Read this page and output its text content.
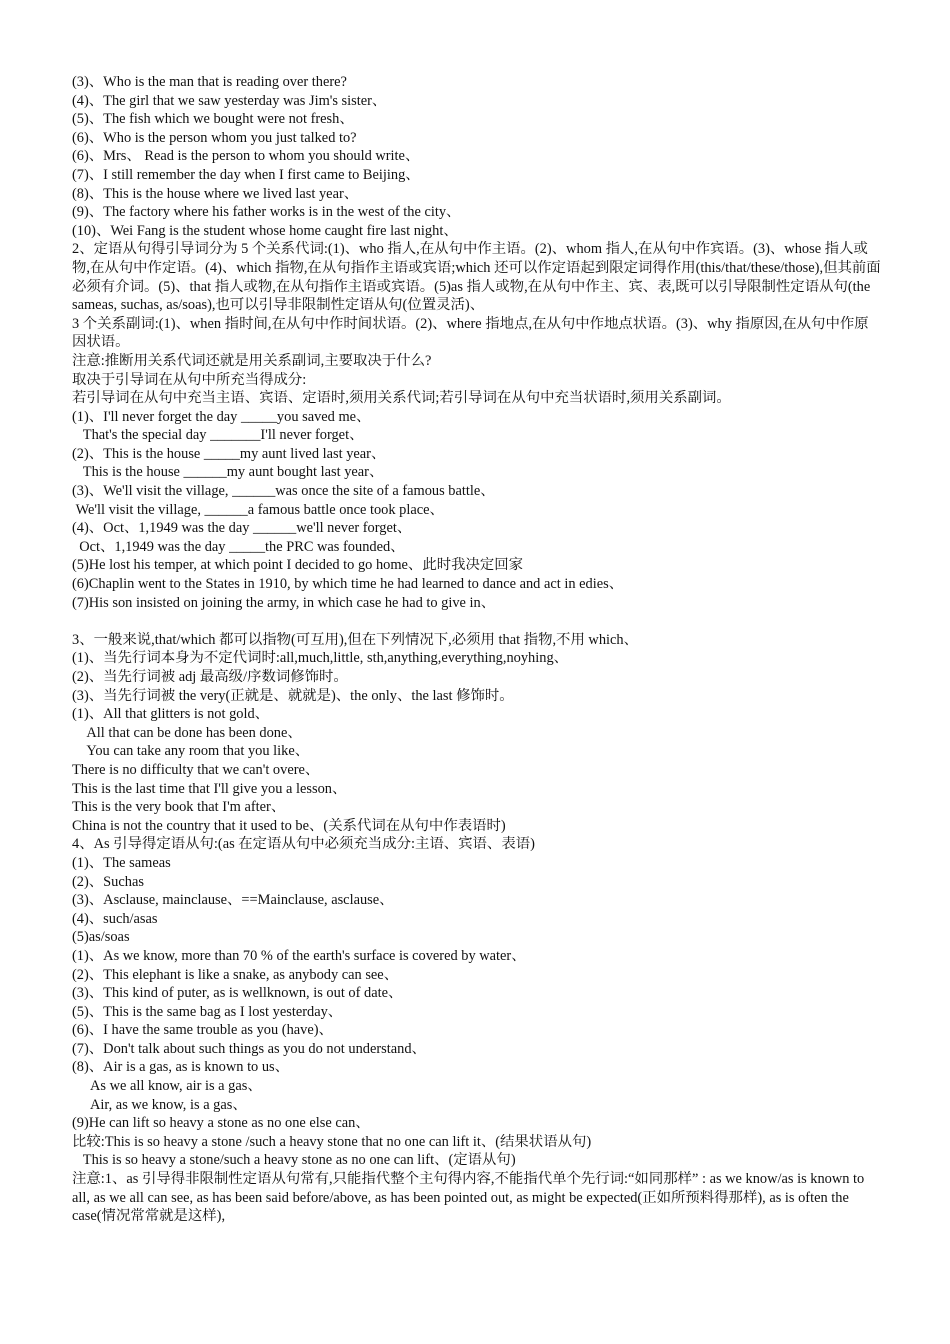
(3)、Who is the man that is reading over there?
(4)、The girl that we saw yesterday was Jim's sister、
(5)、The fish which we bought were not fresh、
(6)、Who is the person whom you just talked to?
(6)、Mrs、 Read is the person to whom you should write、
(7)、I still remember the day when I first came to Beijing、
(8)、This is the house where we lived last year、
(9)、The factory where his father works is in the west of the city、
(10)、Wei Fang is the student whose home caught fire last night、
2、定语从句得引导词分为 5 个关系代词:(1)、who 指人,在从句中作主语。(2)、whom 指人,在从句中作宾语。(3)、whose 指人或物,在从句中作定语。(4)、which 指物,在从句指作主语或宾语;which 还可以作定语起到限定词得作用(this/that/these/those),但其前面必须有介词。(5)、that 指人或物,在从句指作主语或宾语。(5)as 指人或物,在从句中作主、宾、表,既可以引导限制性定语从句(the sameas, suchas, as/soas),也可以引导非限制性定语从句(位置灵活)、
3 个关系副词:(1)、when 指时间,在从句中作时间状语。(2)、where 指地点,在从句中作地点状语。(3)、why 指原因,在从句中作原因状语。
注意:推断用关系代词还就是用关系副词,主要取决于什么?
取决于引导词在从句中所充当得成分:
若引导词在从句中充当主语、宾语、定语时,须用关系代词;若引导词在从句中充当状语时,须用关系副词。
(1)、I'll never forget the day _____you saved me、
That's the special day _______I'll never forget、
(2)、This is the house _____my aunt lived last year、
This is the house ______my aunt bought last year、
(3)、We'll visit the village, ______was once the site of a famous battle、
We'll visit the village, ______a famous battle once took place、
(4)、Oct、1,1949 was the day ______we'll never forget、
Oct、1,1949 was the day _____the PRC was founded、
(5)He lost his temper, at which point I decided to go home、此时我决定回家
(6)Chaplin went to the States in 1910, by which time he had learned to dance and act in edies、
(7)His son insisted on joining the army, in which case he had to give in、
3、一般来说,that/which 都可以指物(可互用),但在下列情况下,必须用 that 指物,不用 which、
(1)、当先行词本身为不定代词时:all,much,little, sth,anything,everything,noyhing、
(2)、当先行词被 adj 最高级/序数词修饰时。
(3)、当先行词被 the very(正就是、就就是)、the only、the last 修饰时。
(1)、All that glitters is not gold、
All that can be done has been done、
You can take any room that you like、
There is no difficulty that we can't overe、
This is the last time that I'll give you a lesson、
This is the very book that I'm after、
China is not the country that it used to be、(关系代词在从句中作表语时)
4、As 引导得定语从句:(as 在定语从句中必须充当成分:主语、宾语、表语)
(1)、The sameas
(2)、Suchas
(3)、Asclause, mainclause、==Mainclause, asclause、
(4)、such/asas
(5)as/soas
(1)、As we know, more than 70 % of the earth's surface is covered by water、
(2)、This elephant is like a snake, as anybody can see、
(3)、This kind of puter, as is wellknown, is out of date、
(5)、This is the same bag as I lost yesterday、
(6)、I have the same trouble as you (have)、
(7)、Don't talk about such things as you do not understand、
(8)、Air is a gas, as is known to us、
As we all know, air is a gas、
Air, as we know, is a gas、
(9)He can lift so heavy a stone as no one else can、
比较:This is so heavy a stone /such a heavy stone that no one can lift it、(结果状语从句)
This is so heavy a stone/such a heavy stone as no one can lift、(定语从句)
注意:1、as 引导得非限制性定语从句常有,只能指代整个主句得内容,不能指代单个先行词:“如同那样” : as we know/as is known to all, as we all can see, as has been said before/above, as has been pointed out, as might be expected(正如所预料得那样), as is often the case(情况常常就是这样),
